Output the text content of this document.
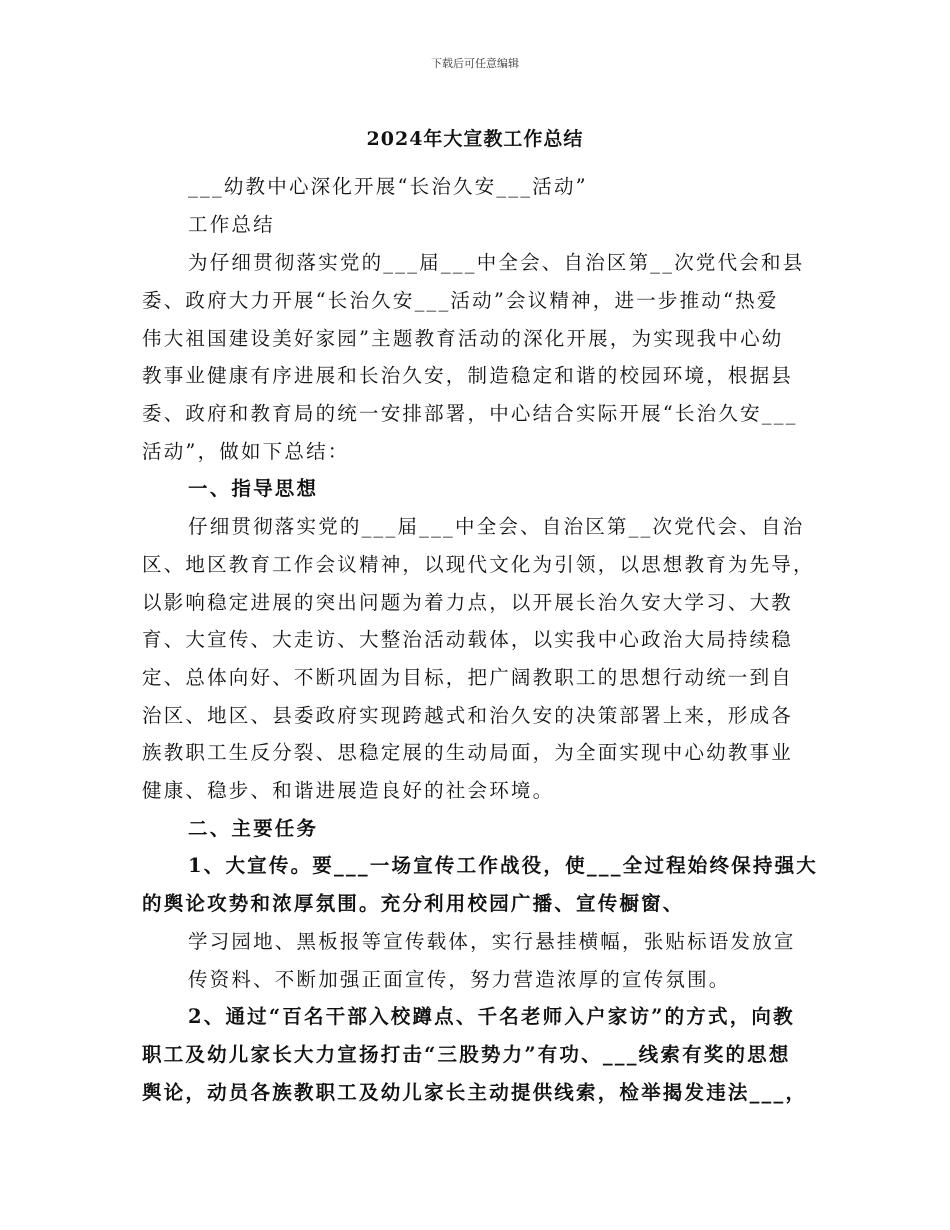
下载后可任意编辑
2024年大宣教工作总结
___幼教中心深化开展“长治久安___活动”
工作总结
为仔细贯彻落实党的___届___中全会、自治区第__次党代会和县
委、政府大力开展“长治久安___活动”会议精神，进一步推动“热爱
伟大祖国建设美好家园”主题教育活动的深化开展，为实现我中心幼
教事业健康有序进展和长治久安，制造稳定和谐的校园环境，根据县
委、政府和教育局的统一安排部署，中心结合实际开展“长治久安___
活动”，做如下总结：
一、指导思想
仔细贯彻落实党的___届___中全会、自治区第__次党代会、自治
区、地区教育工作会议精神，以现代文化为引领，以思想教育为先导，
以影响稳定进展的突出问题为着力点，以开展长治久安大学习、大教
育、大宣传、大走访、大整治活动载体，以实我中心政治大局持续稳
定、总体向好、不断巩固为目标，把广阔教职工的思想行动统一到自
治区、地区、县委政府实现跨越式和治久安的决策部署上来，形成各
族教职工生反分裂、思稳定展的生动局面，为全面实现中心幼教事业
健康、稳步、和谐进展造良好的社会环境。
二、主要任务
1、大宣传。要___一场宣传工作战役，使___全过程始终保持强大
的舆论攻势和浓厚氛围。充分利用校园广播、宣传橱窗、
学习园地、黑板报等宣传载体，实行悬挂横幅，张贴标语发放宣
传资料、不断加强正面宣传，努力营造浓厚的宣传氛围。
2、通过“百名干部入校蹲点、千名老师入户家访”的方式，向教
职工及幼儿家长大力宣扬打击“三股势力”有功、___线索有奖的思想
舆论，动员各族教职工及幼儿家长主动提供线索，检举揭发违法___，
